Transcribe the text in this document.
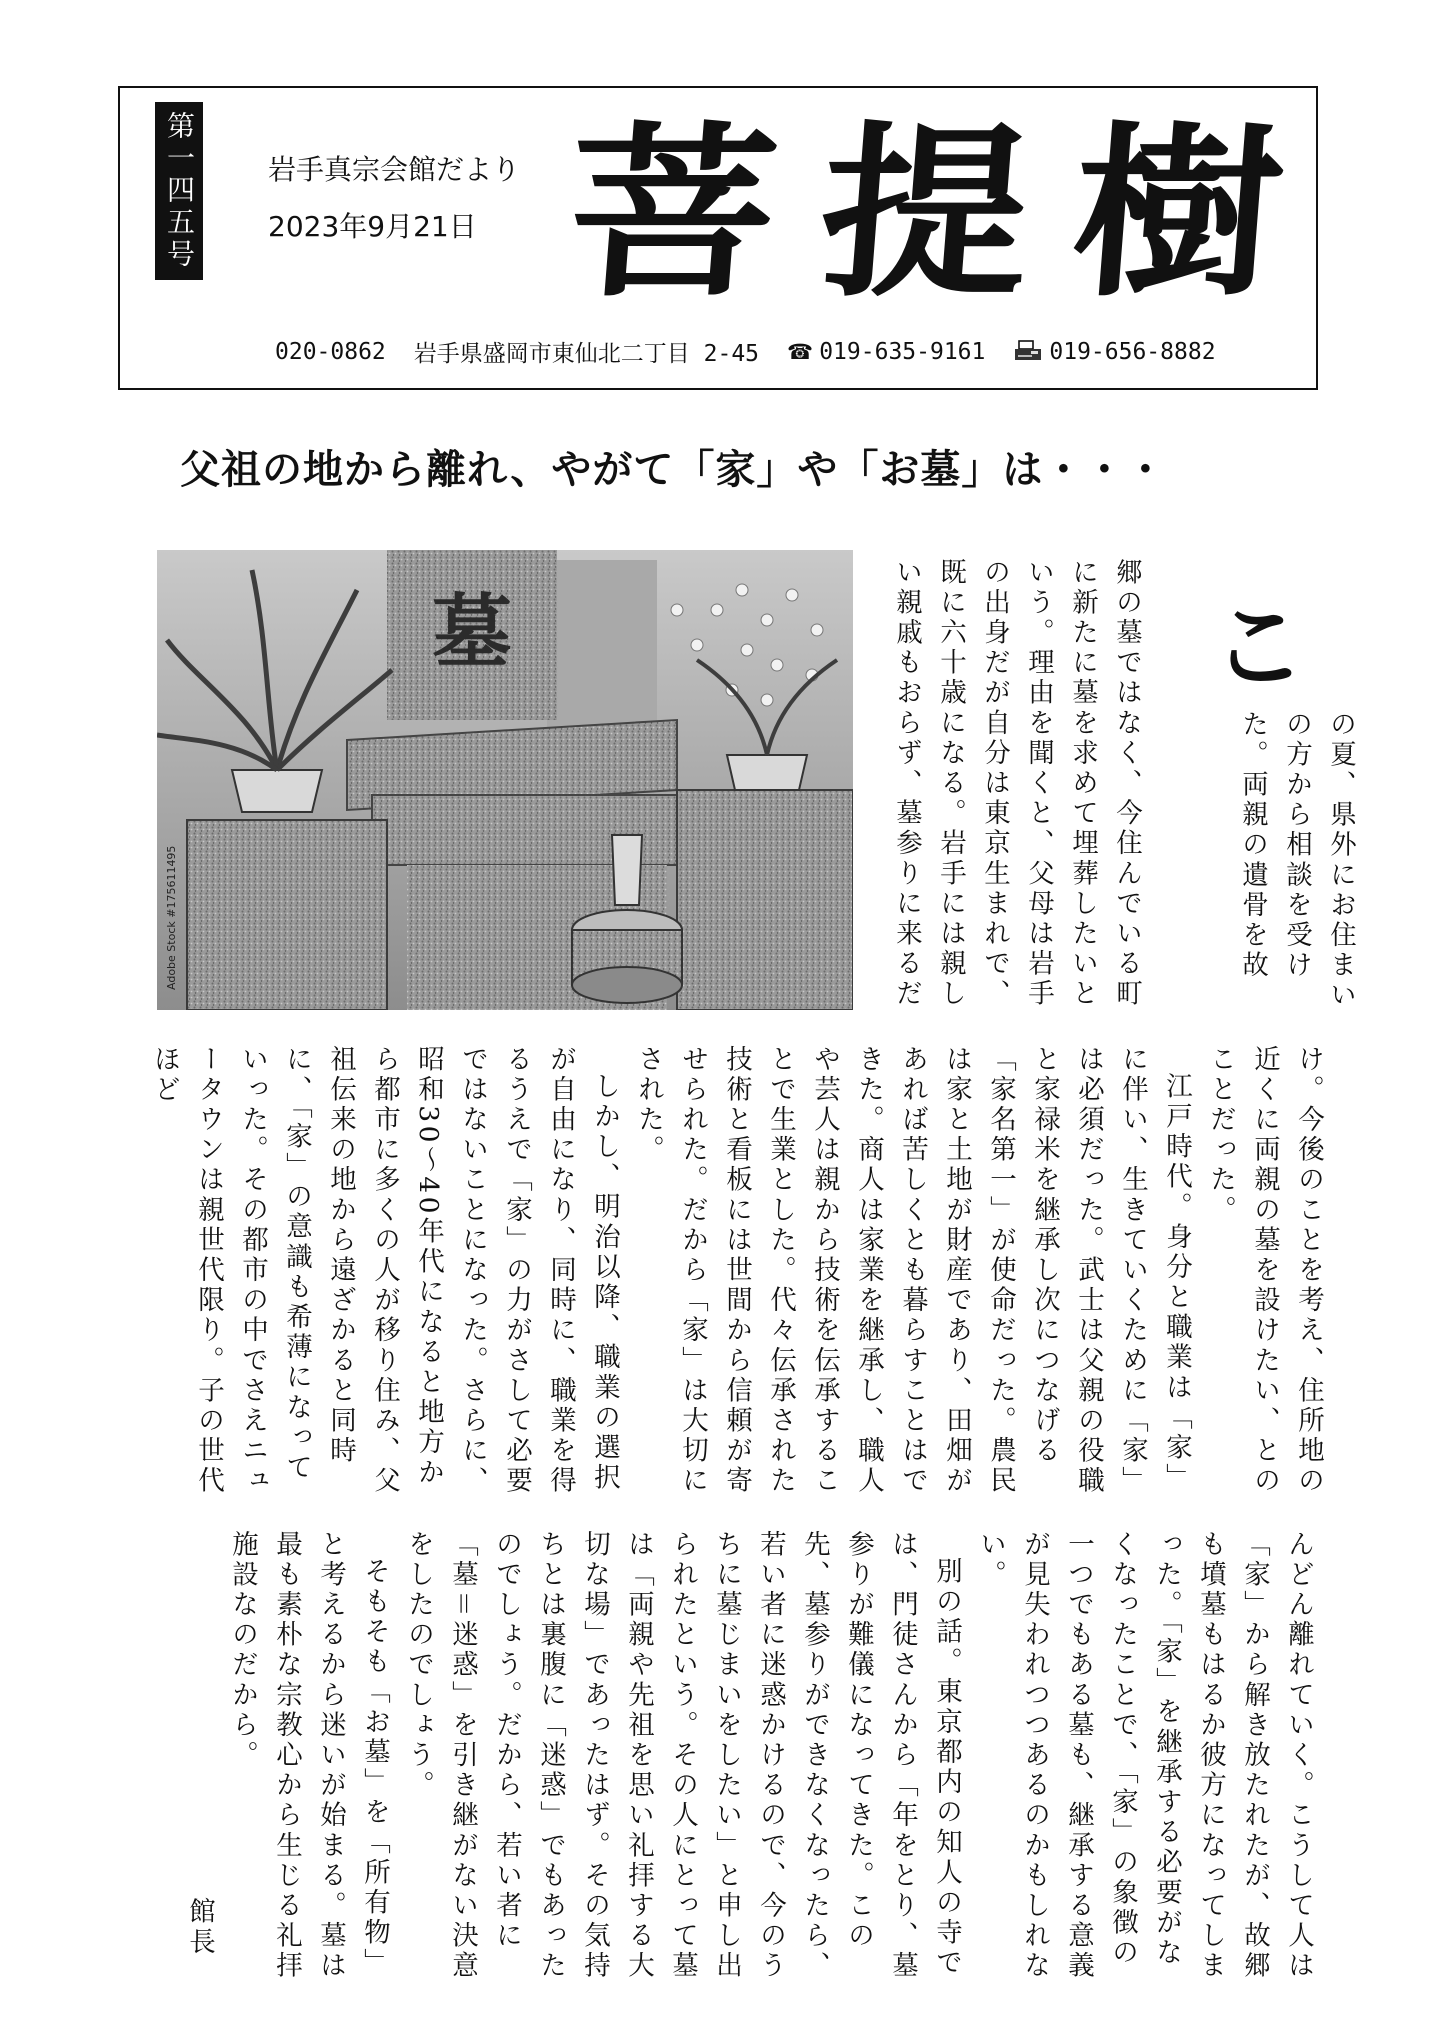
第一四五号	岩手真宗会館だより
2023年9月21日 菩 提 樹
020-0862 岩手県盛岡市東仙北二丁目 2-45 ☎ 019-635-9161	019-656-8882
父祖の地から離れ、やがて「家」や「お墓」は・・・
墓
Adobe Stock #175611495
こ

の夏、県外にお住まいの方から相談を受けた。両親の遺骨を故

郷の墓ではなく、今住んでいる町に新たに墓を求めて埋葬したいという。理由を聞くと、父母は岩手の出身だが自分は東京生まれで、既に六十歳になる。岩手には親しい親戚もおらず、墓参りに来るだ

け。今後のことを考え、住所地の近くに両親の墓を設けたい、とのことだった。

江戸時代。身分と職業は「家」に伴い、生きていくために「家」は必須だった。武士は父親の役職と家禄米を継承し次につなげる「家名第一」が使命だった。農民は家と土地が財産であり、田畑があれば苦しくとも暮らすことはできた。商人は家業を継承し、職人や芸人は親から技術を伝承することで生業とした。代々伝承された技術と看板には世間から信頼が寄せられた。だから「家」は大切にされた。

しかし、明治以降、職業の選択が自由になり、同時に、職業を得るうえで「家」の力がさして必要ではないことになった。さらに、昭和30～40年代になると地方から都市に多くの人が移り住み、父祖伝来の地から遠ざかると同時に、「家」の意識も希薄になっていった。その都市の中でさえニュータウンは親世代限り。子の世代ほど

んどん離れていく。こうして人は「家」から解き放たれたが、故郷も墳墓もはるか彼方になってしまった。「家」を継承する必要がなくなったことで、「家」の象徴の一つでもある墓も、継承する意義が見失われつつあるのかもしれない。

別の話。東京都内の知人の寺では、門徒さんから「年をとり、墓参りが難儀になってきた。この先、墓参りができなくなったら、若い者に迷惑かけるので、今のうちに墓じまいをしたい」と申し出られたという。その人にとって墓は「両親や先祖を思い礼拝する大切な場」であったはず。その気持ちとは裏腹に「迷惑」でもあったのでしょう。だから、若い者に「墓＝迷惑」を引き継がない決意をしたのでしょう。

そもそも「お墓」を「所有物」と考えるから迷いが始まる。墓は最も素朴な宗教心から生じる礼拝施設なのだから。

館長
